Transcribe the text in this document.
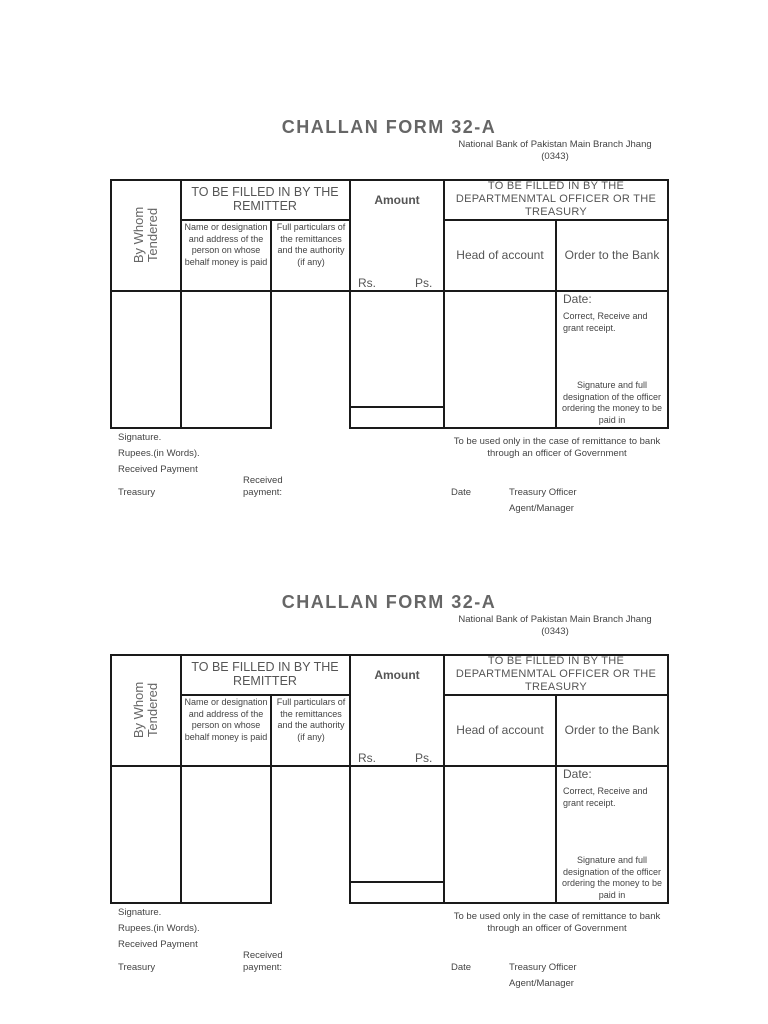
CHALLAN FORM 32-A
National Bank of Pakistan Main Branch Jhang
(0343)
By Whom
Tendered
TO BE FILLED IN BY THE REMITTER
Name or designation and address of the person on whose behalf money is paid
Full particulars of the remittances and the authority (if any)
Amount
Rs.	Ps.
TO BE FILLED IN BY THE DEPARTMENMTAL OFFICER OR THE TREASURY
Head of account	Order to the Bank
Date:
Correct, Receive and grant receipt.
Signature and full designation of the officer ordering the money to be paid in
Signature.
Rupees.(in Words).
Received Payment
Treasury
Received payment:
To be used only in the case of remittance to bank through an officer of Government
Date	Treasury Officer
Agent/Manager
CHALLAN FORM 32-A
National Bank of Pakistan Main Branch Jhang
(0343)
By Whom
Tendered
TO BE FILLED IN BY THE REMITTER
Name or designation and address of the person on whose behalf money is paid
Full particulars of the remittances and the authority (if any)
Amount
Rs.	Ps.
TO BE FILLED IN BY THE DEPARTMENMTAL OFFICER OR THE TREASURY
Head of account	Order to the Bank
Date:
Correct, Receive and grant receipt.
Signature and full designation of the officer ordering the money to be paid in
Signature.
Rupees.(in Words).
Received Payment
Treasury
Received payment:
To be used only in the case of remittance to bank through an officer of Government
Date	Treasury Officer
Agent/Manager
